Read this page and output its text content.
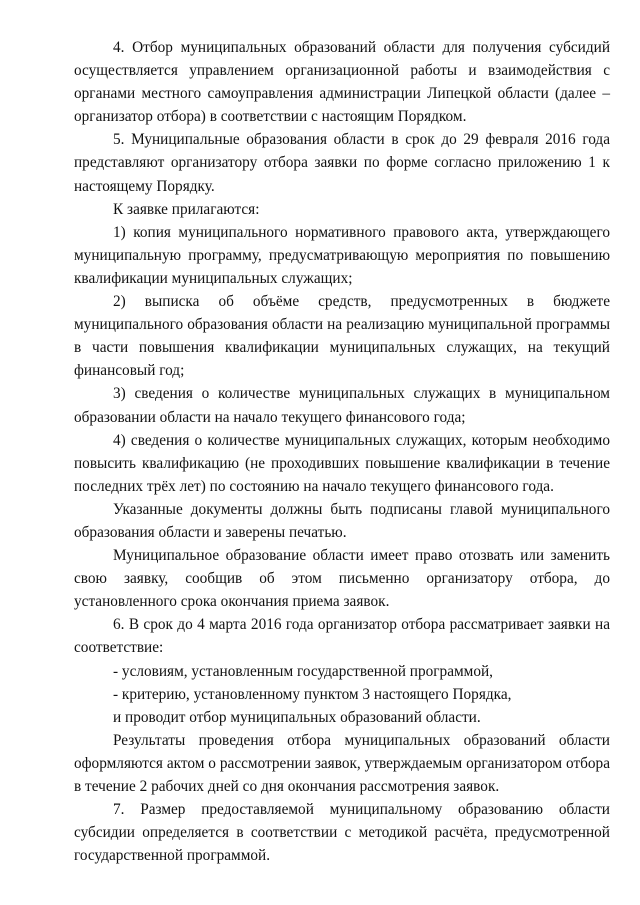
4. Отбор муниципальных образований области для получения субсидий осуществляется управлением организационной работы и взаимодействия с органами местного самоуправления администрации Липецкой области (далее – организатор отбора) в соответствии с настоящим Порядком.

5. Муниципальные образования области в срок до 29 февраля 2016 года представляют организатору отбора заявки по форме согласно приложению 1 к настоящему Порядку.

К заявке прилагаются:

1) копия муниципального нормативного правового акта, утверждающего муниципальную программу, предусматривающую мероприятия по повышению квалификации муниципальных служащих;

2) выписка об объёме средств, предусмотренных в бюджете муниципального образования области на реализацию муниципальной программы в части повышения квалификации муниципальных служащих, на текущий финансовый год;

3) сведения о количестве муниципальных служащих в муниципальном образовании области на начало текущего финансового года;

4) сведения о количестве муниципальных служащих, которым необходимо повысить квалификацию (не проходивших повышение квалификации в течение последних трёх лет) по состоянию на начало текущего финансового года.

Указанные документы должны быть подписаны главой муниципального образования области и заверены печатью.

Муниципальное образование области имеет право отозвать или заменить свою заявку, сообщив об этом письменно организатору отбора, до установленного срока окончания приема заявок.

6. В срок до 4 марта 2016 года организатор отбора рассматривает заявки на соответствие:

- условиям, установленным государственной программой,

- критерию, установленному пунктом 3 настоящего Порядка,

и проводит отбор муниципальных образований области.

Результаты проведения отбора муниципальных образований области оформляются актом о рассмотрении заявок, утверждаемым организатором отбора в течение 2 рабочих дней со дня окончания рассмотрения заявок.

7. Размер предоставляемой муниципальному образованию области субсидии определяется в соответствии с методикой расчёта, предусмотренной государственной программой.
